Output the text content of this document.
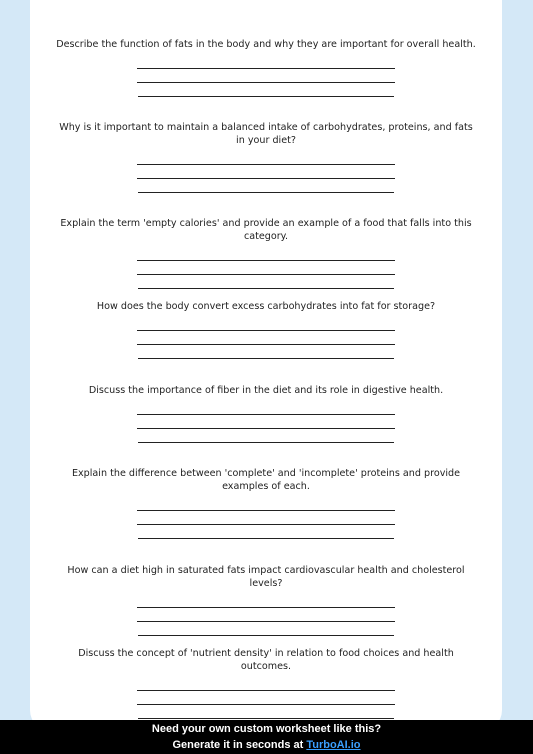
Describe the function of fats in the body and why they are important for overall health.
Why is it important to maintain a balanced intake of carbohydrates, proteins, and fats in your diet?
Explain the term 'empty calories' and provide an example of a food that falls into this category.
How does the body convert excess carbohydrates into fat for storage?
Discuss the importance of fiber in the diet and its role in digestive health.
Explain the difference between 'complete' and 'incomplete' proteins and provide examples of each.
How can a diet high in saturated fats impact cardiovascular health and cholesterol levels?
Discuss the concept of 'nutrient density' in relation to food choices and health outcomes.
Need your own custom worksheet like this?
Generate it in seconds at TurboAI.io
